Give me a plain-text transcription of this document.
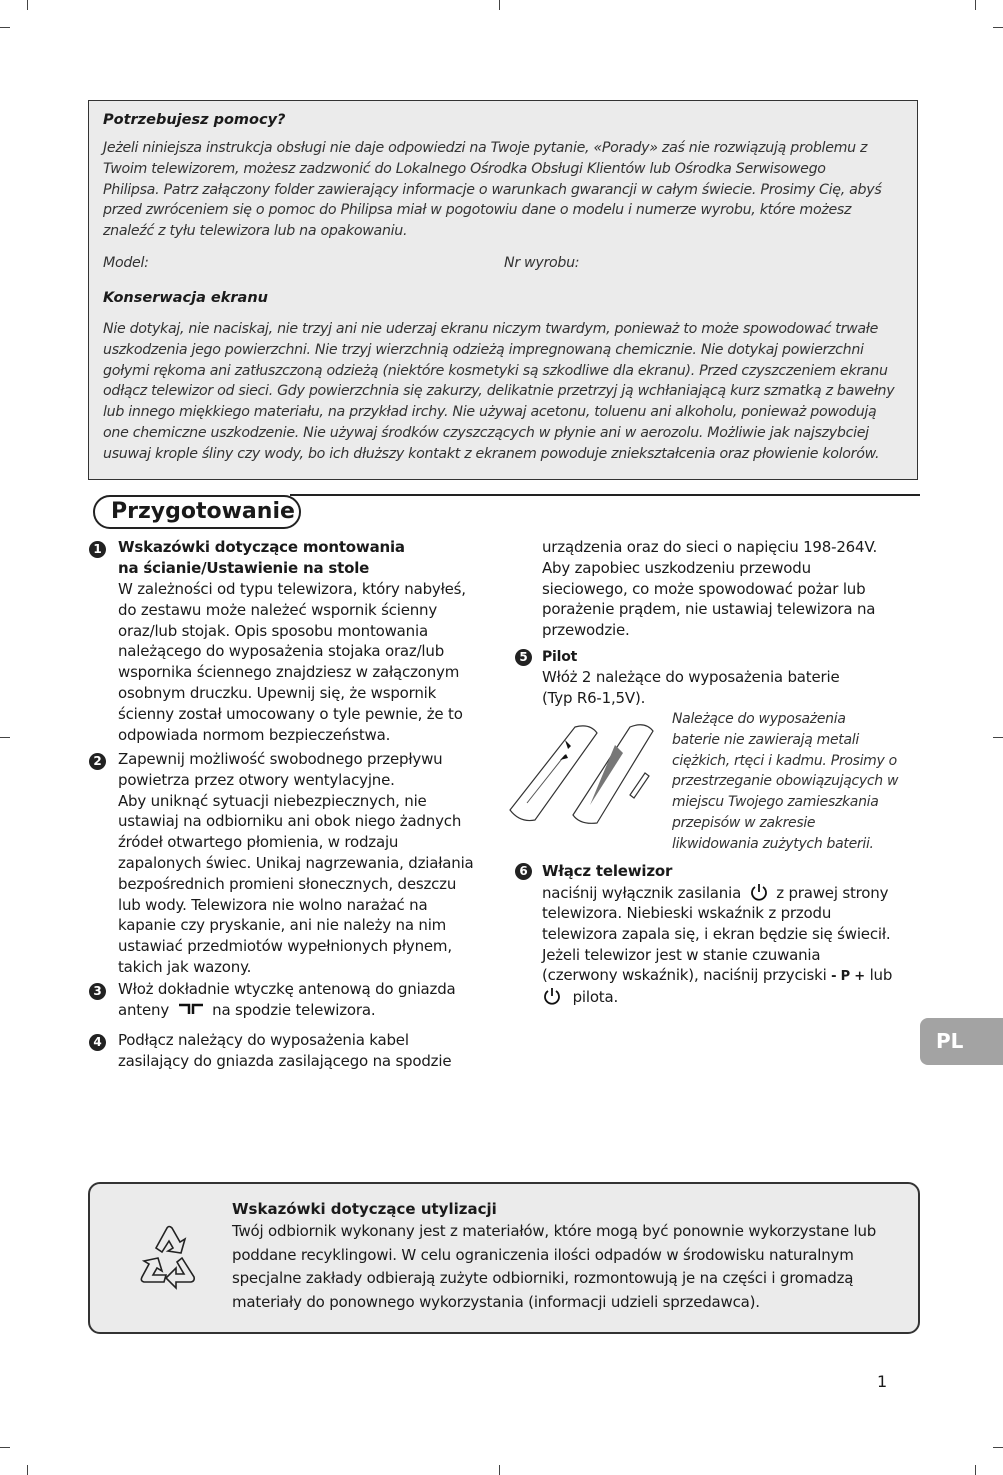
Potrzebujesz pomocy?
Jeżeli niniejsza instrukcja obsługi nie daje odpowiedzi na Twoje pytanie, «Porady» zaś nie rozwiązują problemu z
Twoim telewizorem, możesz zadzwonić do Lokalnego Ośrodka Obsługi Klientów lub Ośrodka Serwisowego
Philipsa. Patrz załączony folder zawierający informacje o warunkach gwarancji w całym świecie. Prosimy Cię, abyś
przed zwróceniem się o pomoc do Philipsa miał w pogotowiu dane o modelu i numerze wyrobu, które możesz
znaleźć z tyłu telewizora lub na opakowaniu.
Model:	Nr wyrobu:
Konserwacja ekranu
Nie dotykaj, nie naciskaj, nie trzyj ani nie uderzaj ekranu niczym twardym, ponieważ to może spowodować trwałe
uszkodzenia jego powierzchni. Nie trzyj wierzchnią odzieżą impregnowaną chemicznie. Nie dotykaj powierzchni
gołymi rękoma ani zatłuszczoną odzieżą (niektóre kosmetyki są szkodliwe dla ekranu). Przed czyszczeniem ekranu
odłącz telewizor od sieci. Gdy powierzchnia się zakurzy, delikatnie przetrzyj ją wchłaniającą kurz szmatką z bawełny
lub innego miękkiego materiału, na przykład irchy. Nie używaj acetonu, toluenu ani alkoholu, ponieważ powodują
one chemiczne uszkodzenie. Nie używaj środków czyszczących w płynie ani w aerozolu. Możliwie jak najszybciej
usuwaj krople śliny czy wody, bo ich dłuższy kontakt z ekranem powoduje zniekształcenia oraz płowienie kolorów.
Przygotowanie
1 Wskazówki dotyczące montowania
na ścianie/Ustawienie na stole
W zależności od typu telewizora, który nabyłeś,
do zestawu może należeć wspornik ścienny
oraz/lub stojak. Opis sposobu montowania
należącego do wyposażenia stojaka oraz/lub
wspornika ściennego znajdziesz w załączonym
osobnym druczku. Upewnij się, że wspornik
ścienny został umocowany o tyle pewnie, że to
odpowiada normom bezpieczeństwa.
2 Zapewnij możliwość swobodnego przepływu
powietrza przez otwory wentylacyjne.
Aby uniknąć sytuacji niebezpiecznych, nie
ustawiaj na odbiorniku ani obok niego żadnych
źródeł otwartego płomienia, w rodzaju
zapalonych świec. Unikaj nagrzewania, działania
bezpośrednich promieni słonecznych, deszczu
lub wody. Telewizora nie wolno narażać na
kapanie czy pryskanie, ani nie należy na nim
ustawiać przedmiotów wypełnionych płynem,
takich jak wazony.
3 Włoż dokładnie wtyczkę antenową do gniazda
anteny	na spodzie telewizora.
4 Podłącz należący do wyposażenia kabel
zasilający do gniazda zasilającego na spodzie
urządzenia oraz do sieci o napięciu 198-264V.
Aby zapobiec uszkodzeniu przewodu
sieciowego, co może spowodować pożar lub
porażenie prądem, nie ustawiaj telewizora na
przewodzie.
5	Pilot
Włóż 2 należące do wyposażenia baterie
(Typ R6-1,5V).
Należące do wyposażenia
baterie nie zawierają metali
ciężkich, rtęci i kadmu. Prosimy o
przestrzeganie obowiązujących w
miejscu Twojego zamieszkania
przepisów w zakresie
likwidowania zużytych baterii.
6 Włącz telewizor
naciśnij wyłącznik zasilania z prawej strony
telewizora. Niebieski wskaźnik z przodu
telewizora zapala się, i ekran będzie się świecił.
Jeżeli telewizor jest w stanie czuwania
(czerwony wskaźnik), naciśnij przyciski - P + lub
pilota.
PL
Wskazówki dotyczące utylizacji
Twój odbiornik wykonany jest z materiałów, które mogą być ponownie wykorzystane lub
poddane recyklingowi. W celu ograniczenia ilości odpadów w środowisku naturalnym
specjalne zakłady odbierają zużyte odbiorniki, rozmontowują je na części i gromadzą
materiały do ponownego wykorzystania (informacji udzieli sprzedawca).
1
